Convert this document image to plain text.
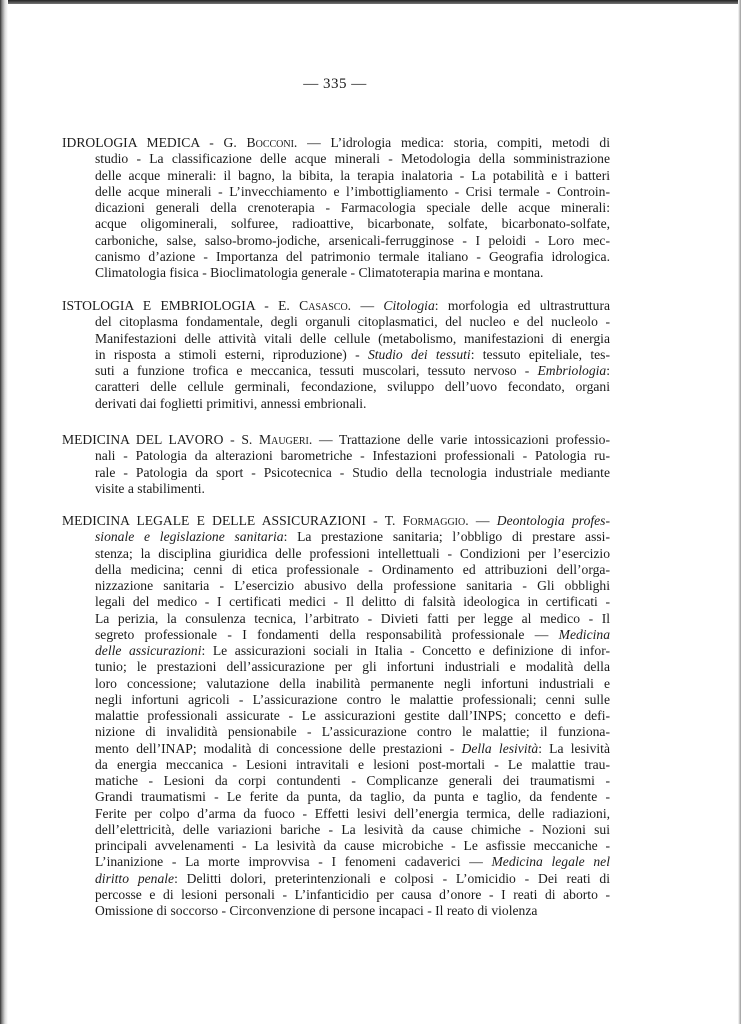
— 335 —
IDROLOGIA MEDICA - G. Bocconi. — L’idrologia medica: storia, compiti, metodi di
studio - La classificazione delle acque minerali - Metodologia della somministrazione
delle acque minerali: il bagno, la bibita, la terapia inalatoria - La potabilità e i batteri
delle acque minerali - L’invecchiamento e l’imbottigliamento - Crisi termale - Controin-
dicazioni generali della crenoterapia - Farmacologia speciale delle acque minerali:
acque oligominerali, solfuree, radioattive, bicarbonate, solfate, bicarbonato-solfate,
carboniche, salse, salso-bromo-jodiche, arsenicali-ferrugginose - I peloidi - Loro mec-
canismo d’azione - Importanza del patrimonio termale italiano - Geografia idrologica.
Climatologia fisica - Bioclimatologia generale - Climatoterapia marina e montana.
ISTOLOGIA E EMBRIOLOGIA - E. Casasco. — Citologia: morfologia ed ultrastruttura
del citoplasma fondamentale, degli organuli citoplasmatici, del nucleo e del nucleolo -
Manifestazioni delle attività vitali delle cellule (metabolismo, manifestazioni di energia
in risposta a stimoli esterni, riproduzione) - Studio dei tessuti: tessuto epiteliale, tes-
suti a funzione trofica e meccanica, tessuti muscolari, tessuto nervoso - Embriologia:
caratteri delle cellule germinali, fecondazione, sviluppo dell’uovo fecondato, organi
derivati dai foglietti primitivi, annessi embrionali.
MEDICINA DEL LAVORO - S. Maugeri. — Trattazione delle varie intossicazioni professio-
nali - Patologia da alterazioni barometriche - Infestazioni professionali - Patologia ru-
rale - Patologia da sport - Psicotecnica - Studio della tecnologia industriale mediante
visite a stabilimenti.
MEDICINA LEGALE E DELLE ASSICURAZIONI - T. Formaggio. — Deontologia profes-
sionale e legislazione sanitaria: La prestazione sanitaria; l’obbligo di prestare assi-
stenza; la disciplina giuridica delle professioni intellettuali - Condizioni per l’esercizio
della medicina; cenni di etica professionale - Ordinamento ed attribuzioni dell’orga-
nizzazione sanitaria - L’esercizio abusivo della professione sanitaria - Gli obblighi
legali del medico - I certificati medici - Il delitto di falsità ideologica in certificati -
La perizia, la consulenza tecnica, l’arbitrato - Divieti fatti per legge al medico - Il
segreto professionale - I fondamenti della responsabilità professionale — Medicina
delle assicurazioni: Le assicurazioni sociali in Italia - Concetto e definizione di infor-
tunio; le prestazioni dell’assicurazione per gli infortuni industriali e modalità della
loro concessione; valutazione della inabilità permanente negli infortuni industriali e
negli infortuni agricoli - L’assicurazione contro le malattie professionali; cenni sulle
malattie professionali assicurate - Le assicurazioni gestite dall’INPS; concetto e defi-
nizione di invalidità pensionabile - L’assicurazione contro le malattie; il funziona-
mento dell’INAP; modalità di concessione delle prestazioni - Della lesività: La lesività
da energia meccanica - Lesioni intravitali e lesioni post-mortali - Le malattie trau-
matiche - Lesioni da corpi contundenti - Complicanze generali dei traumatismi -
Grandi traumatismi - Le ferite da punta, da taglio, da punta e taglio, da fendente -
Ferite per colpo d’arma da fuoco - Effetti lesivi dell’energia termica, delle radiazioni,
dell’elettricità, delle variazioni bariche - La lesività da cause chimiche - Nozioni sui
principali avvelenamenti - La lesività da cause microbiche - Le asfissie meccaniche -
L’inanizione - La morte improvvisa - I fenomeni cadaverici — Medicina legale nel
diritto penale: Delitti dolori, preterintenzionali e colposi - L’omicidio - Dei reati di
percosse e di lesioni personali - L’infanticidio per causa d’onore - I reati di aborto -
Omissione di soccorso - Circonvenzione di persone incapaci - Il reato di violenza
